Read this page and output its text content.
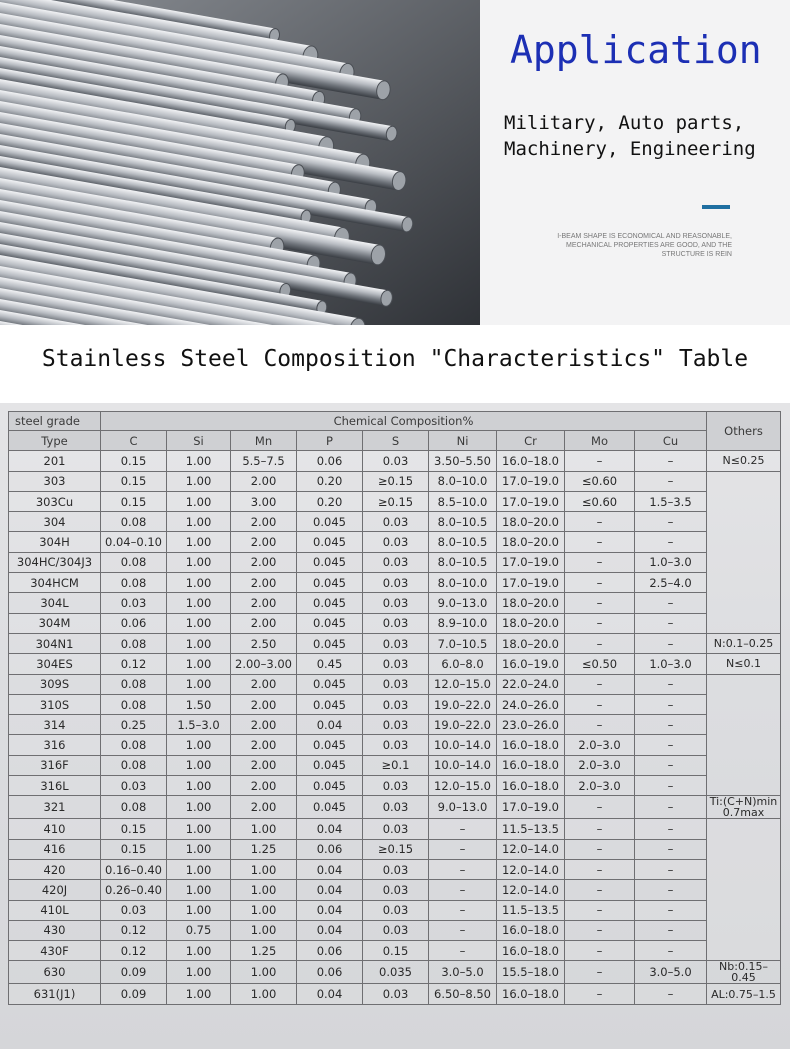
Application
Military, Auto parts,
Machinery, Engineering
I-BEAM SHAPE IS ECONOMICAL AND REASONABLE, MECHANICAL PROPERTIES ARE GOOD, AND THE STRUCTURE IS REIN
Stainless Steel Composition "Characteristics" Table
steel grade	Chemical Composition%									Others
Type	C	Si	Mn	P	S	Ni	Cr	Mo	Cu	
201	0.15	1.00	5.5–7.5	0.06	0.03	3.50–5.50	16.0–18.0	–	–	N≤0.25
303	0.15	1.00	2.00	0.20	≥0.15	8.0–10.0	17.0–19.0	≤0.60	–	
303Cu	0.15	1.00	3.00	0.20	≥0.15	8.5–10.0	17.0–19.0	≤0.60	1.5–3.5	
304	0.08	1.00	2.00	0.045	0.03	8.0–10.5	18.0–20.0	–	–	
304H	0.04–0.10	1.00	2.00	0.045	0.03	8.0–10.5	18.0–20.0	–	–	
304HC/304J3	0.08	1.00	2.00	0.045	0.03	8.0–10.5	17.0–19.0	–	1.0–3.0	
304HCM	0.08	1.00	2.00	0.045	0.03	8.0–10.0	17.0–19.0	–	2.5–4.0	
304L	0.03	1.00	2.00	0.045	0.03	9.0–13.0	18.0–20.0	–	–	
304M	0.06	1.00	2.00	0.045	0.03	8.9–10.0	18.0–20.0	–	–	
304N1	0.08	1.00	2.50	0.045	0.03	7.0–10.5	18.0–20.0	–	–	N:0.1–0.25
304ES	0.12	1.00	2.00–3.00	0.45	0.03	6.0–8.0	16.0–19.0	≤0.50	1.0–3.0	N≤0.1
309S	0.08	1.00	2.00	0.045	0.03	12.0–15.0	22.0–24.0	–	–	
310S	0.08	1.50	2.00	0.045	0.03	19.0–22.0	24.0–26.0	–	–	
314	0.25	1.5–3.0	2.00	0.04	0.03	19.0–22.0	23.0–26.0	–	–	
316	0.08	1.00	2.00	0.045	0.03	10.0–14.0	16.0–18.0	2.0–3.0	–	
316F	0.08	1.00	2.00	0.045	≥0.1	10.0–14.0	16.0–18.0	2.0–3.0	–	
316L	0.03	1.00	2.00	0.045	0.03	12.0–15.0	16.0–18.0	2.0–3.0	–	
321	0.08	1.00	2.00	0.045	0.03	9.0–13.0	17.0–19.0	–	–	Ti:(C+N)min 0.7max
410	0.15	1.00	1.00	0.04	0.03	–	11.5–13.5	–	–	
416	0.15	1.00	1.25	0.06	≥0.15	–	12.0–14.0	–	–	
420	0.16–0.40	1.00	1.00	0.04	0.03	–	12.0–14.0	–	–	
420J	0.26–0.40	1.00	1.00	0.04	0.03	–	12.0–14.0	–	–	
410L	0.03	1.00	1.00	0.04	0.03	–	11.5–13.5	–	–	
430	0.12	0.75	1.00	0.04	0.03	–	16.0–18.0	–	–	
430F	0.12	1.00	1.25	0.06	0.15	–	16.0–18.0	–	–	
630	0.09	1.00	1.00	0.06	0.035	3.0–5.0	15.5–18.0	–	3.0–5.0	Nb:0.15–0.45
631(J1)	0.09	1.00	1.00	0.04	0.03	6.50–8.50	16.0–18.0	–	–	AL:0.75–1.5
